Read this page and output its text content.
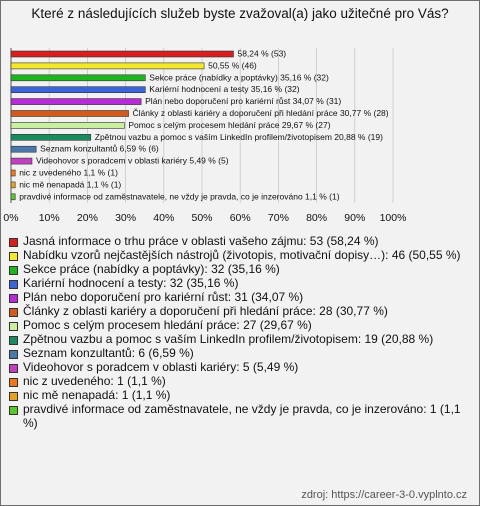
Které z následujících služeb byste zvažoval(a) jako užitečné pro Vás?
58,24 % (53)
50,55 % (46)
Sekce práce (nabídky a poptávky) 35,16 % (32)
Kariérní hodnocení a testy 35,16 % (32)
Plán nebo doporučení pro kariérní růst 34,07 % (31)
Články z oblasti kariéry a doporučení při hledání práce 30,77 % (28)
Pomoc s celým procesem hledání práce 29,67 % (27)
Zpětnou vazbu a pomoc s vaším LinkedIn profilem/životopisem 20,88 % (19)
Seznam konzultantů 6,59 % (6)
Videohovor s poradcem v oblasti kariéry 5,49 % (5)
nic z uvedeného 1,1 % (1)
nic mě nenapadá 1,1 % (1)
pravdivé informace od zaměstnavatele, ne vždy je pravda, co je inzerováno 1,1 % (1)
0% 10% 20% 30% 40% 50% 60% 70% 80% 90% 100%
Jasná informace o trhu práce v oblasti vašeho zájmu: 53 (58,24 %)
Nabídku vzorů nejčastějších nástrojů (životopis, motivační dopisy…): 46 (50,55 %)
Sekce práce (nabídky a poptávky): 32 (35,16 %)
Kariérní hodnocení a testy: 32 (35,16 %)
Plán nebo doporučení pro kariérní růst: 31 (34,07 %)
Články z oblasti kariéry a doporučení při hledání práce: 28 (30,77 %)
Pomoc s celým procesem hledání práce: 27 (29,67 %)
Zpětnou vazbu a pomoc s vaším LinkedIn profilem/životopisem: 19 (20,88 %)
Seznam konzultantů: 6 (6,59 %)
Videohovor s poradcem v oblasti kariéry: 5 (5,49 %)
nic z uvedeného: 1 (1,1 %)
nic mě nenapadá: 1 (1,1 %)
pravdivé informace od zaměstnavatele, ne vždy je pravda, co je inzerováno: 1 (1,1 %)
zdroj: https://career-3-0.vyplnto.cz
